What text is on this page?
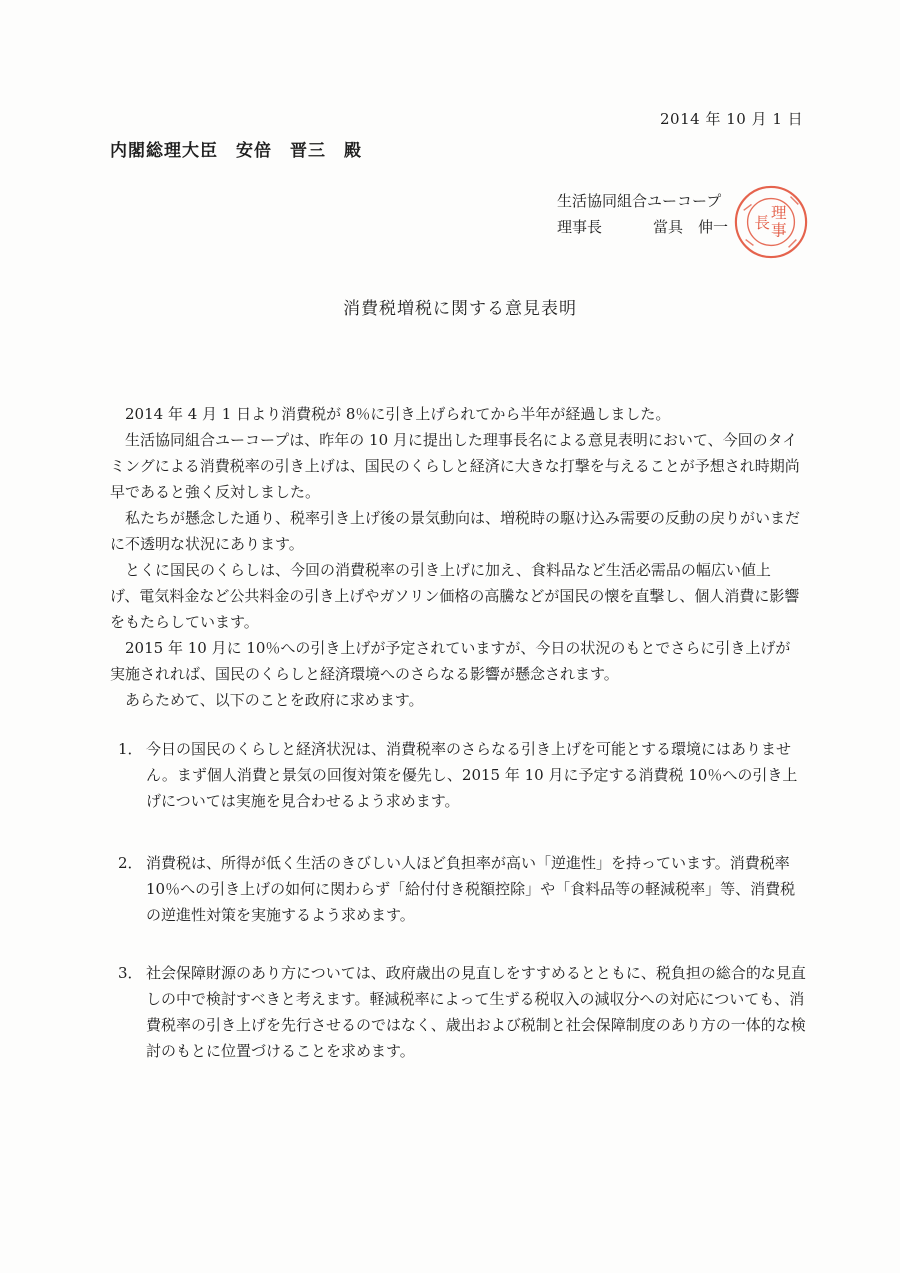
2014 年 10 月 1 日
内閣総理大臣　安倍　晋三　殿
生活協同組合ユーコープ
理事長	當具　伸一
理
事
長
消費税増税に関する意見表明

2014 年 4 月 1 日より消費税が 8％に引き上げられてから半年が経過しました。

生活協同組合ユーコープは、昨年の 10 月に提出した理事長名による意見表明において、今回のタイミングによる消費税率の引き上げは、国民のくらしと経済に大きな打撃を与えることが予想され時期尚早であると強く反対しました。

私たちが懸念した通り、税率引き上げ後の景気動向は、増税時の駆け込み需要の反動の戻りがいまだに不透明な状況にあります。

とくに国民のくらしは、今回の消費税率の引き上げに加え、食料品など生活必需品の幅広い値上げ、電気料金など公共料金の引き上げやガソリン価格の高騰などが国民の懐を直撃し、個人消費に影響をもたらしています。

2015 年 10 月に 10％への引き上げが予定されていますが、今日の状況のもとでさらに引き上げが実施されれば、国民のくらしと経済環境へのさらなる影響が懸念されます。

あらためて、以下のことを政府に求めます。

1． 今日の国民のくらしと経済状況は、消費税率のさらなる引き上げを可能とする環境にはありません。まず個人消費と景気の回復対策を優先し、2015 年 10 月に予定する消費税 10％への引き上げについては実施を見合わせるよう求めます。
2． 消費税は、所得が低く生活のきびしい人ほど負担率が高い「逆進性」を持っています。消費税率 10％への引き上げの如何に関わらず「給付付き税額控除」や「食料品等の軽減税率」等、消費税の逆進性対策を実施するよう求めます。
3． 社会保障財源のあり方については、政府歳出の見直しをすすめるとともに、税負担の総合的な見直しの中で検討すべきと考えます。軽減税率によって生ずる税収入の減収分への対応についても、消費税率の引き上げを先行させるのではなく、歳出および税制と社会保障制度のあり方の一体的な検討のもとに位置づけることを求めます。
